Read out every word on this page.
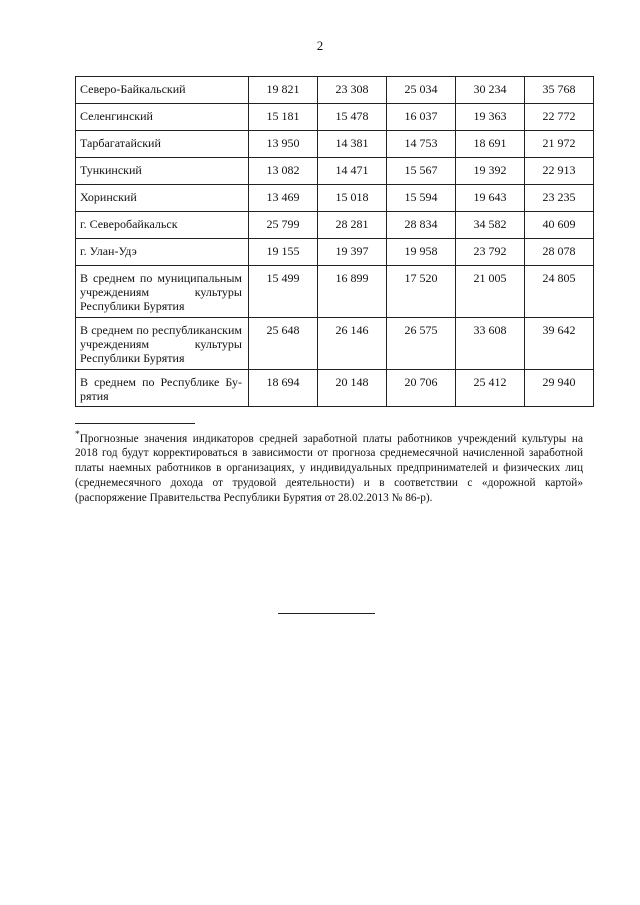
2
Северо-Байкальский	19 821	23 308	25 034	30 234	35 768
Селенгинский	15 181	15 478	16 037	19 363	22 772
Тарбагатайский	13 950	14 381	14 753	18 691	21 972
Тункинский	13 082	14 471	15 567	19 392	22 913
Хоринский	13 469	15 018	15 594	19 643	23 235
г. Северобайкальск	25 799	28 281	28 834	34 582	40 609
г. Улан-Удэ	19 155	19 397	19 958	23 792	28 078
В среднем по муниципальным учреждениям культуры Республики Бурятия	15 499	16 899	17 520	21 005	24 805
В среднем по республиканским учреждениям культуры Республики Бурятия	25 648	26 146	26 575	33 608	39 642
В среднем по Республике Бурятия	18 694	20 148	20 706	25 412	29 940
*Прогнозные значения индикаторов средней заработной платы работников учреждений культуры на 2018 год будут корректироваться в зависимости от прогноза среднемесячной начисленной заработной платы наемных работников в организациях, у индивидуальных предпринимателей и физических лиц (среднемесячного дохода от трудовой деятельности) и в соответствии с «дорожной картой» (распоряжение Правительства Республики Бурятия от 28.02.2013 № 86-р).
